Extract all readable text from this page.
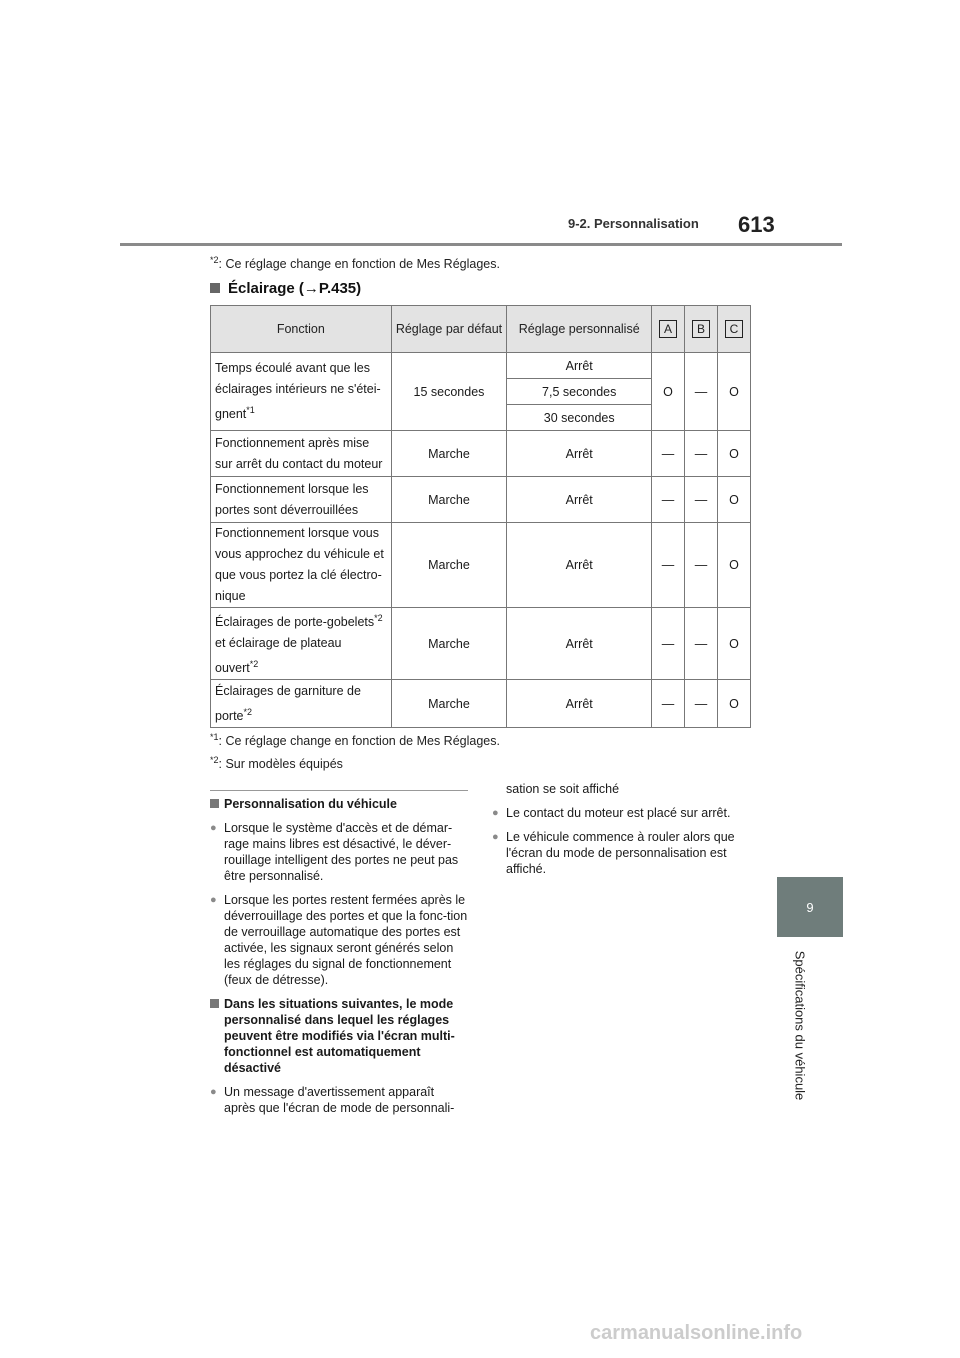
9-2. Personnalisation 613
9
Spécifications du véhicule
$^{*2}$: Ce réglage change en fonction de Mes Réglages.
Éclairage (→P.435)
Fonction	Réglage par défaut	Réglage personnalisé	A	B	C
Temps écoulé avant que les éclairages intérieurs ne s'étei-gnent$^{*1}$	15 secondes	Arrêt	O	—	O
		7,5 secondes			
		30 secondes			
Fonctionnement après mise sur arrêt du contact du moteur	Marche	Arrêt	—	—	O
Fonctionnement lorsque les portes sont déverrouillées	Marche	Arrêt	—	—	O
Fonctionnement lorsque vous vous approchez du véhicule et que vous portez la clé électro-nique	Marche	Arrêt	—	—	O
Éclairages de porte-gobelets$^{*2}$ et éclairage de plateau ouvert$^{*2}$	Marche	Arrêt	—	—	O
Éclairages de garniture de porte$^{*2}$	Marche	Arrêt	—	—	O
$^{*1}$: Ce réglage change en fonction de Mes Réglages.
$^{*2}$: Sur modèles équipés

Personnalisation du véhicule

● Lorsque le système d'accès et de démar-rage mains libres est désactivé, le déver-rouillage intelligent des portes ne peut pas être personnalisé.

● Lorsque les portes restent fermées après le déverrouillage des portes et que la fonc-tion de verrouillage automatique des portes est activée, les signaux seront générés selon les réglages du signal de fonctionnement (feux de détresse).

Dans les situations suivantes, le mode personnalisé dans lequel les réglages peuvent être modifiés via l'écran multi-fonctionnel est automatiquement désactivé

● Un message d'avertissement apparaît après que l'écran de mode de personnali-

sation se soit affiché

● Le contact du moteur est placé sur arrêt.

● Le véhicule commence à rouler alors que l'écran du mode de personnalisation est affiché.

carmanualsonline.info
